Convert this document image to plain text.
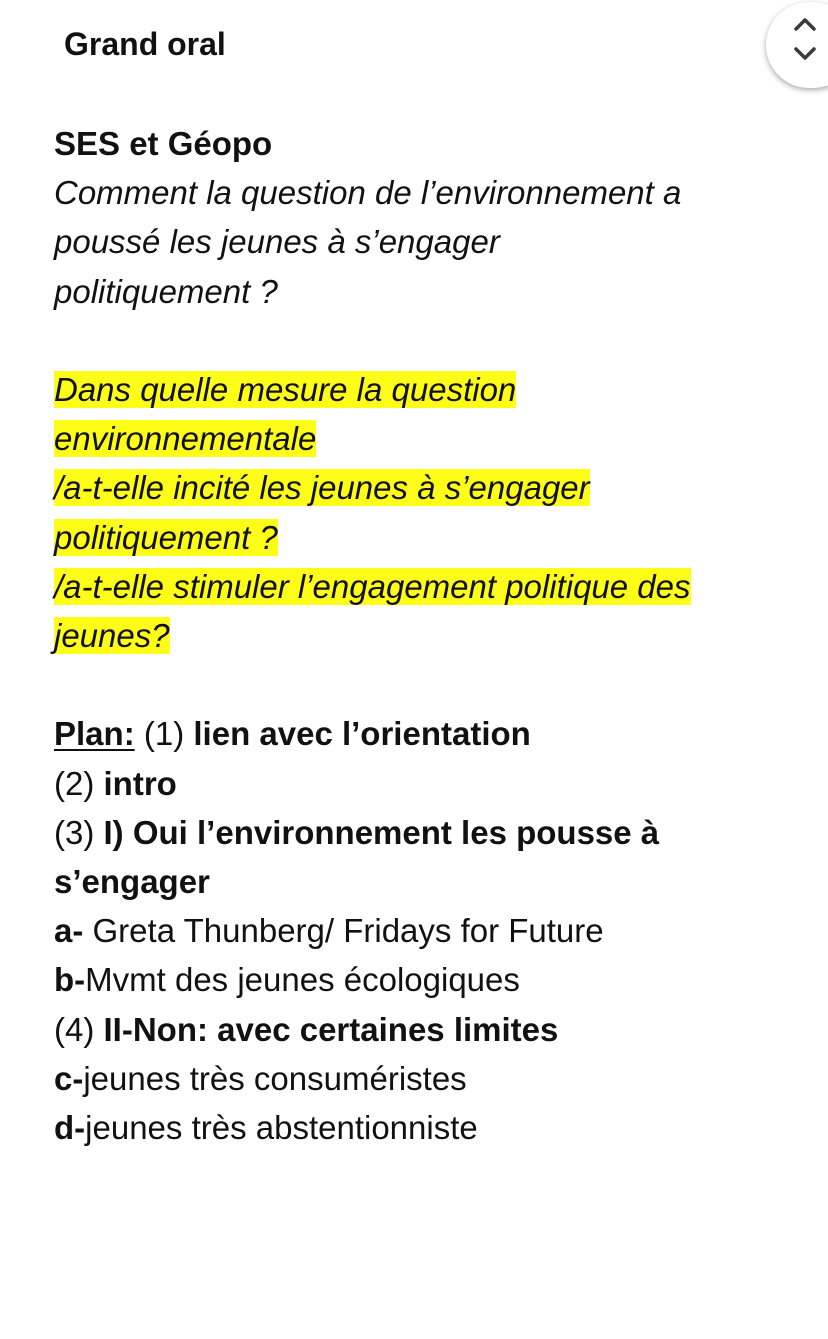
Grand oral
SES et Géopo
Comment la question de l’environnement a
poussé les jeunes à s’engager
politiquement ?
Dans quelle mesure la question
environnementale
/a-t-elle incité les jeunes à s’engager
politiquement ?
/a-t-elle stimuler l’engagement politique des
jeunes?
Plan: (1) lien avec l’orientation
(2) intro
(3) I) Oui l’environnement les pousse à
s’engager
a- Greta Thunberg/ Fridays for Future
b-Mvmt des jeunes écologiques
(4) II-Non: avec certaines limites
c-jeunes très consuméristes
d-jeunes très abstentionniste
